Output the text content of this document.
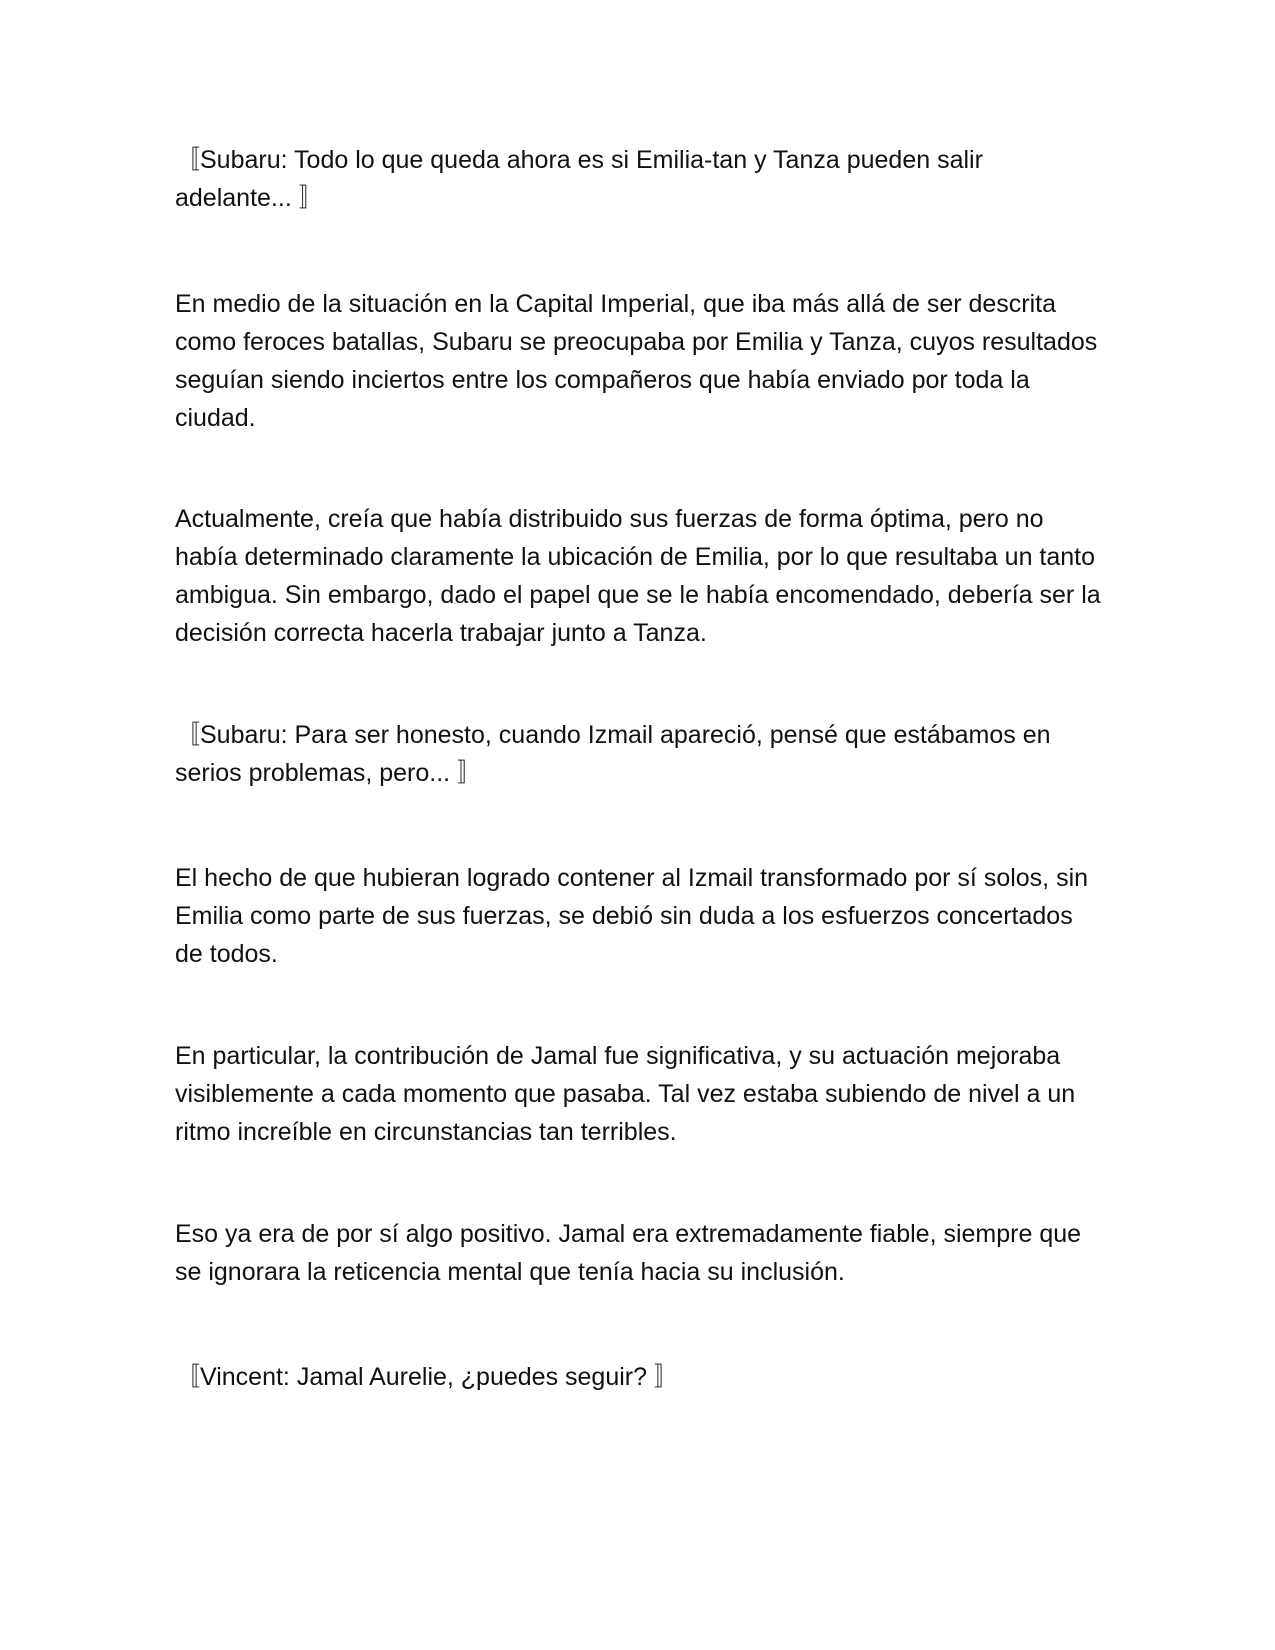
〚Subaru: Todo lo que queda ahora es si Emilia-tan y Tanza pueden salir adelante... 〛

En medio de la situación en la Capital Imperial, que iba más allá de ser descrita como feroces batallas, Subaru se preocupaba por Emilia y Tanza, cuyos resultados seguían siendo inciertos entre los compañeros que había enviado por toda la ciudad.

Actualmente, creía que había distribuido sus fuerzas de forma óptima, pero no había determinado claramente la ubicación de Emilia, por lo que resultaba un tanto ambigua. Sin embargo, dado el papel que se le había encomendado, debería ser la decisión correcta hacerla trabajar junto a Tanza.

〚Subaru: Para ser honesto, cuando Izmail apareció, pensé que estábamos en serios problemas, pero... 〛

El hecho de que hubieran logrado contener al Izmail transformado por sí solos, sin Emilia como parte de sus fuerzas, se debió sin duda a los esfuerzos concertados de todos.

En particular, la contribución de Jamal fue significativa, y su actuación mejoraba visiblemente a cada momento que pasaba. Tal vez estaba subiendo de nivel a un ritmo increíble en circunstancias tan terribles.

Eso ya era de por sí algo positivo. Jamal era extremadamente fiable, siempre que se ignorara la reticencia mental que tenía hacia su inclusión.

〚Vincent: Jamal Aurelie, ¿puedes seguir? 〛
